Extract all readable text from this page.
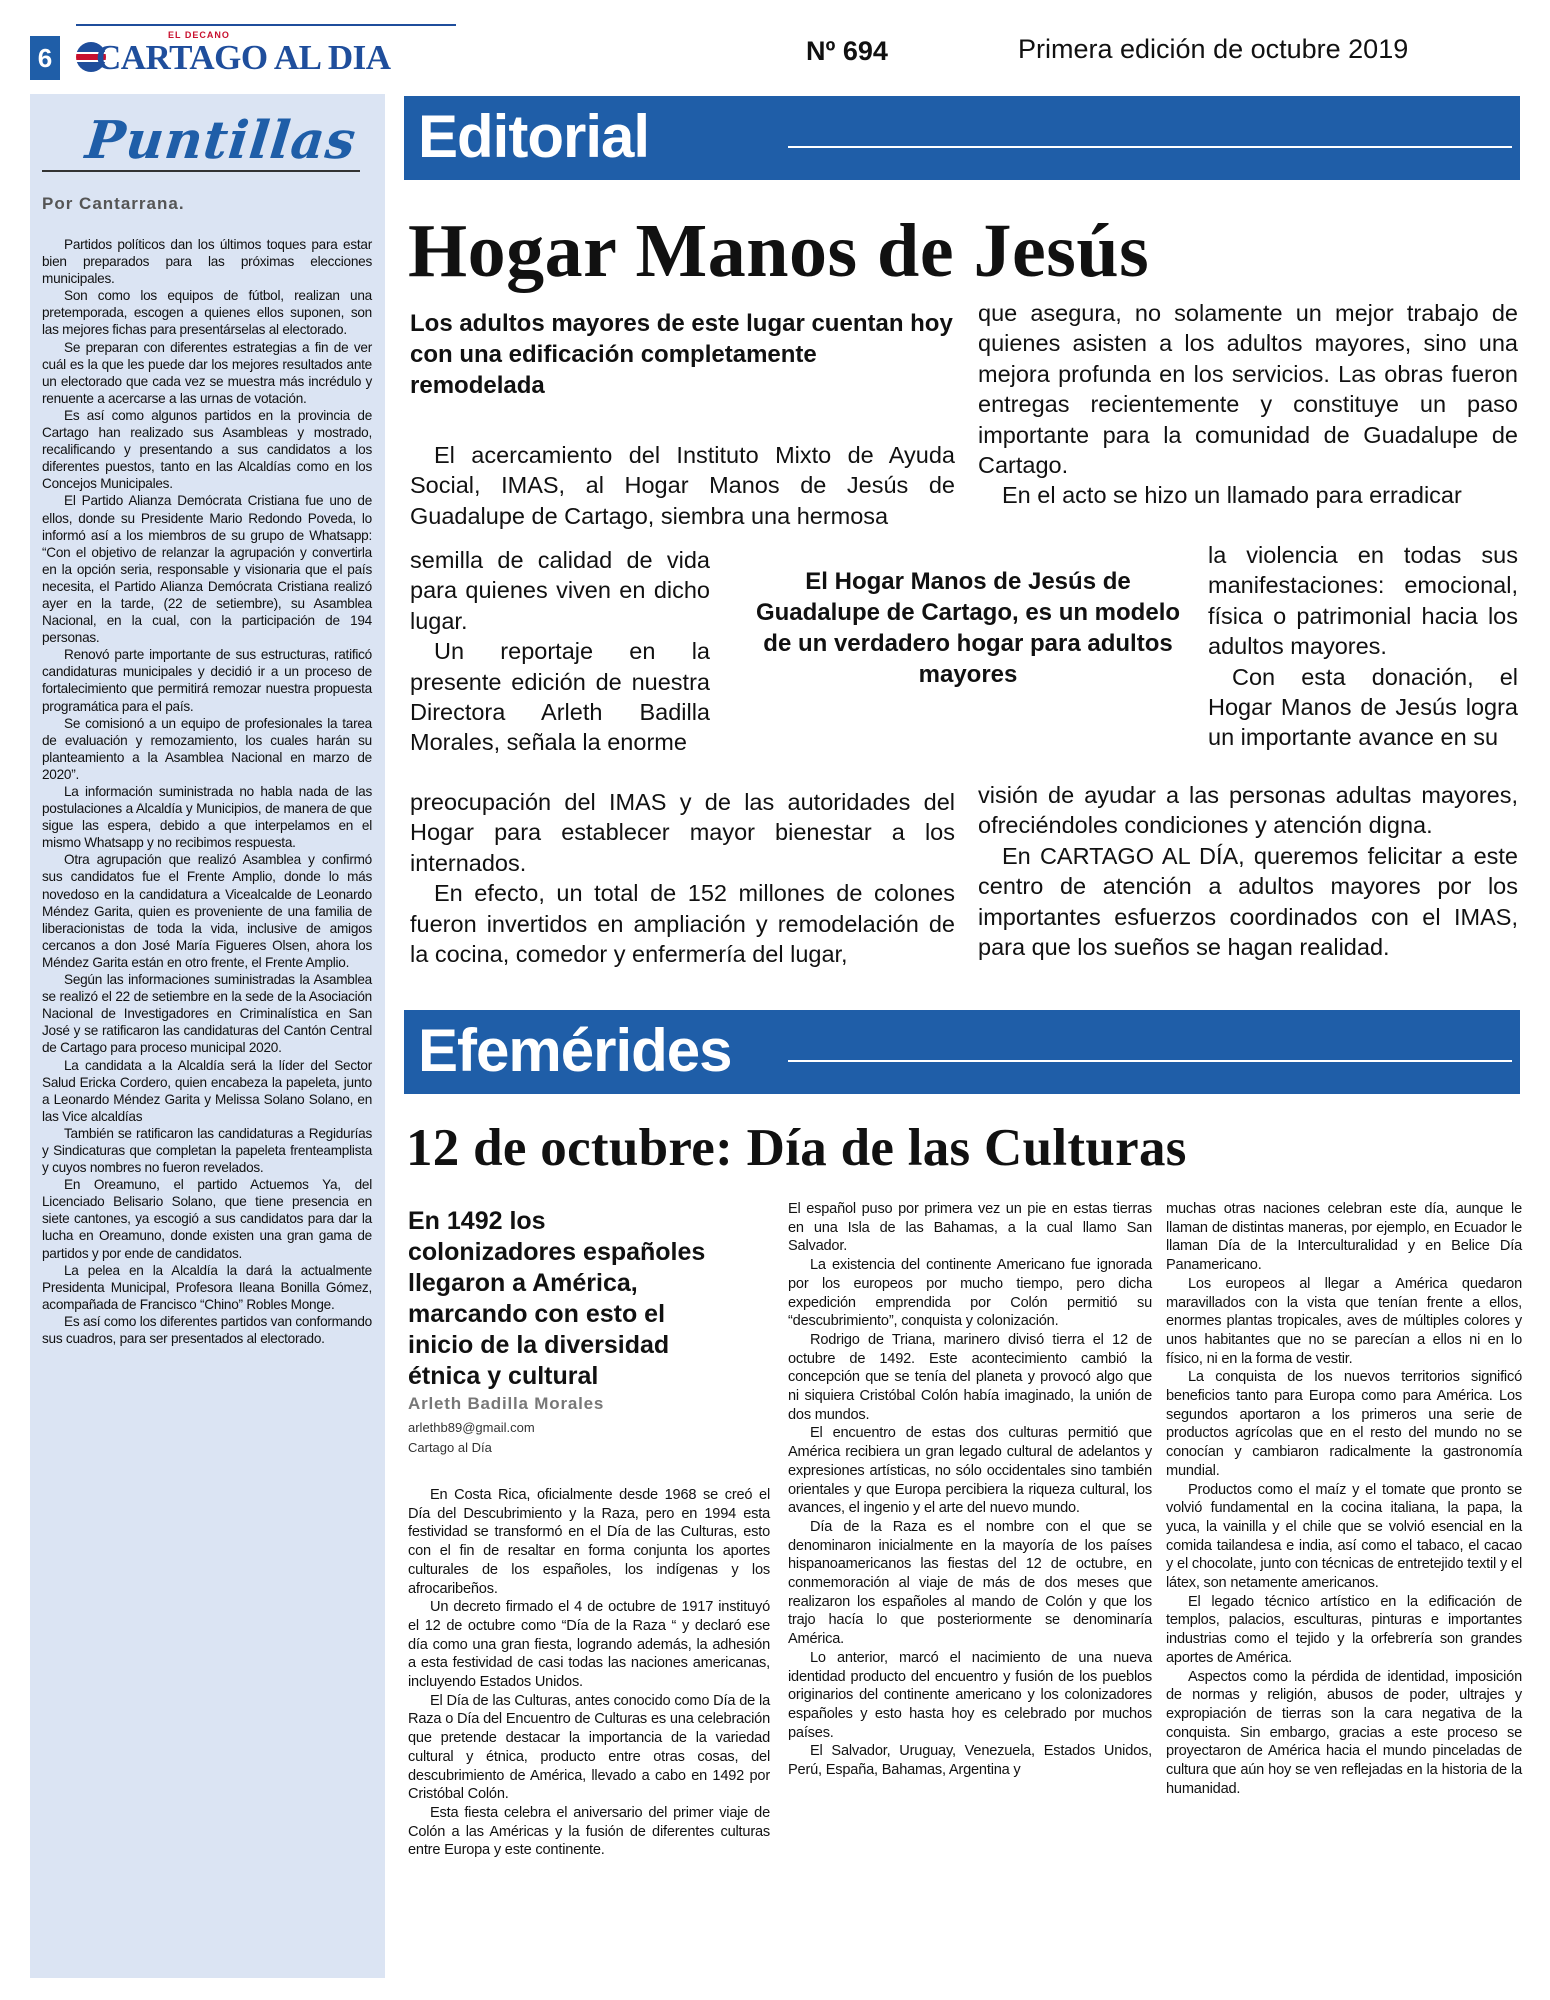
6
EL DECANO
CARTAGO AL DIA	Nº 694	Primera edición de octubre 2019
Puntillas
Por Cantarrana.

Partidos políticos dan los últimos toques para estar bien preparados para las próximas elecciones municipales.

Son como los equipos de fútbol, realizan una pretemporada, escogen a quienes ellos suponen, son las mejores fichas para presentárselas al electorado.

Se preparan con diferentes estrategias a fin de ver cuál es la que les puede dar los mejores resultados ante un electorado que cada vez se muestra más incrédulo y renuente a acercarse a las urnas de votación.

Es así como algunos partidos en la provincia de Cartago han realizado sus Asambleas y mostrado, recalificando y presentando a sus candidatos a los diferentes puestos, tanto en las Alcaldías como en los Concejos Municipales.

El Partido Alianza Demócrata Cristiana fue uno de ellos, donde su Presidente Mario Redondo Poveda, lo informó así a los miembros de su grupo de Whatsapp: “Con el objetivo de relanzar la agrupación y convertirla en la opción seria, responsable y visionaria que el país necesita, el Partido Alianza Demócrata Cristiana realizó ayer en la tarde, (22 de setiembre), su Asamblea Nacional, en la cual, con la participación de 194 personas.

Renovó parte importante de sus estructuras, ratificó candidaturas municipales y decidió ir a un proceso de fortalecimiento que permitirá remozar nuestra propuesta programática para el país.

Se comisionó a un equipo de profesionales la tarea de evaluación y remozamiento, los cuales harán su planteamiento a la Asamblea Nacional en marzo de 2020”.

La información suministrada no habla nada de las postulaciones a Alcaldía y Municipios, de manera de que sigue las espera, debido a que interpelamos en el mismo Whatsapp y no recibimos respuesta.

Otra agrupación que realizó Asamblea y confirmó sus candidatos fue el Frente Amplio, donde lo más novedoso en la candidatura a Vicealcalde de Leonardo Méndez Garita, quien es proveniente de una familia de liberacionistas de toda la vida, inclusive de amigos cercanos a don José María Figueres Olsen, ahora los Méndez Garita están en otro frente, el Frente Amplio.

Según las informaciones suministradas la Asamblea se realizó el 22 de setiembre en la sede de la Asociación Nacional de Investigadores en Criminalística en San José y se ratificaron las candidaturas del Cantón Central de Cartago para proceso municipal 2020.

La candidata a la Alcaldía será la líder del Sector Salud Ericka Cordero, quien encabeza la papeleta, junto a Leonardo Méndez Garita y Melissa Solano Solano, en las Vice alcaldías

También se ratificaron las candidaturas a Regidurías y Sindicaturas que completan la papeleta frenteamplista y cuyos nombres no fueron revelados.

En Oreamuno, el partido Actuemos Ya, del Licenciado Belisario Solano, que tiene presencia en siete cantones, ya escogió a sus candidatos para dar la lucha en Oreamuno, donde existen una gran gama de partidos y por ende de candidatos.

La pelea en la Alcaldía la dará la actualmente Presidenta Municipal, Profesora Ileana Bonilla Gómez, acompañada de Francisco “Chino” Robles Monge.

Es así como los diferentes partidos van conformando sus cuadros, para ser presentados al electorado.

Editorial
Hogar Manos de Jesús
Los adultos mayores de este lugar cuentan hoy con una edificación completamente remodelada

El acercamiento del Instituto Mixto de Ayuda Social, IMAS, al Hogar Manos de Jesús de Guadalupe de Cartago, siembra una hermosa

semilla de calidad de vida para quienes viven en dicho lugar.

Un reportaje en la presente edición de nuestra Directora Arleth Badilla Morales, señala la enorme

preocupación del IMAS y de las autoridades del Hogar para establecer mayor bienestar a los internados.

En efecto, un total de 152 millones de colones fueron invertidos en ampliación y remodelación de la cocina, comedor y enfermería del lugar,

El Hogar Manos de Jesús de Guadalupe de Cartago, es un modelo de un verdadero hogar para adultos mayores

que asegura, no solamente un mejor trabajo de quienes asisten a los adultos mayores, sino una mejora profunda en los servicios. Las obras fueron entregas recientemente y constituye un paso importante para la comunidad de Guadalupe de Cartago.

En el acto se hizo un llamado para erradicar

la violencia en todas sus manifestaciones: emocional, física o patrimonial hacia los adultos mayores.

Con esta donación, el Hogar Manos de Jesús logra un importante avance en su

visión de ayudar a las personas adultas mayores, ofreciéndoles condiciones y atención digna.

En CARTAGO AL DÍA, queremos felicitar a este centro de atención a adultos mayores por los importantes esfuerzos coordinados con el IMAS, para que los sueños se hagan realidad.

Efemérides
12 de octubre: Día de las Culturas
En 1492 los colonizadores españoles llegaron a América, marcando con esto el inicio de la diversidad étnica y cultural
Arleth Badilla Morales
arlethb89@gmail.com
Cartago al Día

En Costa Rica, oficialmente desde 1968 se creó el Día del Descubrimiento y la Raza, pero en 1994 esta festividad se transformó en el Día de las Culturas, esto con el fin de resaltar en forma conjunta los aportes culturales de los españoles, los indígenas y los afrocaribeños.

Un decreto firmado el 4 de octubre de 1917 instituyó el 12 de octubre como “Día de la Raza “ y declaró ese día como una gran fiesta, logrando además, la adhesión a esta festividad de casi todas las naciones americanas, incluyendo Estados Unidos.

El Día de las Culturas, antes conocido como Día de la Raza o Día del Encuentro de Culturas es una celebración que pretende destacar la importancia de la variedad cultural y étnica, producto entre otras cosas, del descubrimiento de América, llevado a cabo en 1492 por Cristóbal Colón.

Esta fiesta celebra el aniversario del primer viaje de Colón a las Américas y la fusión de diferentes culturas entre Europa y este continente.

El español puso por primera vez un pie en estas tierras en una Isla de las Bahamas, a la cual llamo San Salvador.

La existencia del continente Americano fue ignorada por los europeos por mucho tiempo, pero dicha expedición emprendida por Colón permitió su “descubrimiento”, conquista y colonización.

Rodrigo de Triana, marinero divisó tierra el 12 de octubre de 1492. Este acontecimiento cambió la concepción que se tenía del planeta y provocó algo que ni siquiera Cristóbal Colón había imaginado, la unión de dos mundos.

El encuentro de estas dos culturas permitió que América recibiera un gran legado cultural de adelantos y expresiones artísticas, no sólo occidentales sino también orientales y que Europa percibiera la riqueza cultural, los avances, el ingenio y el arte del nuevo mundo.

Día de la Raza es el nombre con el que se denominaron inicialmente en la mayoría de los países hispanoamericanos las fiestas del 12 de octubre, en conmemoración al viaje de más de dos meses que realizaron los españoles al mando de Colón y que los trajo hacía lo que posteriormente se denominaría América.

Lo anterior, marcó el nacimiento de una nueva identidad producto del encuentro y fusión de los pueblos originarios del continente americano y los colonizadores españoles y esto hasta hoy es celebrado por muchos países.

El Salvador, Uruguay, Venezuela, Estados Unidos, Perú, España, Bahamas, Argentina y

muchas otras naciones celebran este día, aunque le llaman de distintas maneras, por ejemplo, en Ecuador le llaman Día de la Interculturalidad y en Belice Día Panamericano.

Los europeos al llegar a América quedaron maravillados con la vista que tenían frente a ellos, enormes plantas tropicales, aves de múltiples colores y unos habitantes que no se parecían a ellos ni en lo físico, ni en la forma de vestir.

La conquista de los nuevos territorios significó beneficios tanto para Europa como para América. Los segundos aportaron a los primeros una serie de productos agrícolas que en el resto del mundo no se conocían y cambiaron radicalmente la gastronomía mundial.

Productos como el maíz y el tomate que pronto se volvió fundamental en la cocina italiana, la papa, la yuca, la vainilla y el chile que se volvió esencial en la comida tailandesa e india, así como el tabaco, el cacao y el chocolate, junto con técnicas de entretejido textil y el látex, son netamente americanos.

El legado técnico artístico en la edificación de templos, palacios, esculturas, pinturas e importantes industrias como el tejido y la orfebrería son grandes aportes de América.

Aspectos como la pérdida de identidad, imposición de normas y religión, abusos de poder, ultrajes y expropiación de tierras son la cara negativa de la conquista. Sin embargo, gracias a este proceso se proyectaron de América hacia el mundo pinceladas de cultura que aún hoy se ven reflejadas en la historia de la humanidad.
